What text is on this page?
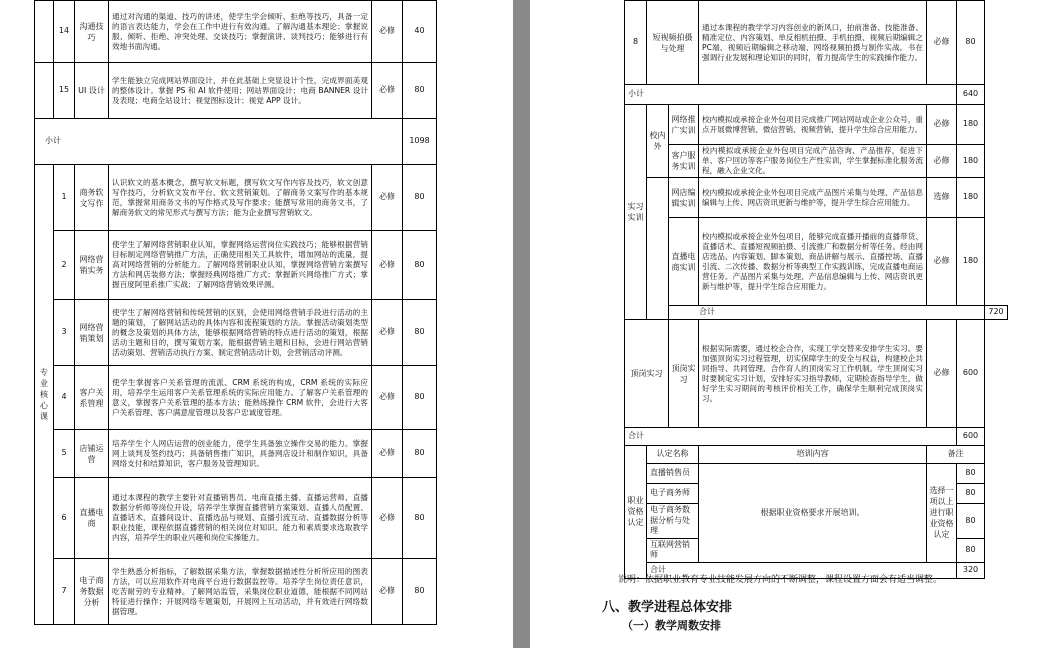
	14	沟通技巧	通过对沟通的渠道、技巧的讲述，使学生学会倾听、拒绝等技巧，具备一定的语言表达能力，学会在工作中进行有效沟通。了解沟通基本理论；掌握说服、倾听、拒绝、冲突处理、交谈技巧；掌握演讲、谈判技巧；能够进行有效地书面沟通。	必修	40
	15	UI 设计	学生能独立完成网站界面设计，并在此基础上突显设计个性，完成界面美观的整体设计。掌握 PS 和 AI 软件使用；网站界面设计；电商 BANNER 设计及表现；电商全站设计；视觉图标设计；视觉 APP 设计。	必修	80
小计					1098
专业核心课	1	商务软文写作	认识软文的基本概念，撰写软文标题，撰写软文写作内容及技巧，软文创意写作技巧，分析软文发布平台、软文营销策划。了解商务文案写作的基本规范，掌握常用商务文书的写作格式及写作要求；能撰写常用的商务文书，了解商务软文的常见形式与撰写方法；能为企业撰写营销软文。	必修	80
	2	网络营销实务	使学生了解网络营销职业认知，掌握网络运营岗位实践技巧；能够根据营销目标制定网络营销推广方法，正确使用相关工具软件，增加网站的流量，提高对网络营销的分析能力。了解网络营销职业认知，掌握网络营销方案撰写方法和网店装修方法；掌握经典网络推广方式；掌握新兴网络推广方式；掌握百度阿里系推广实战；了解网络营销效果评测。	必修	80
	3	网络营销策划	使学生了解网络营销和传统营销的区别，会使用网络营销手段进行活动的主题的策划，了解网站活动的具体内容和流程策划的方法。掌握活动策划类型的概念及策划的具体方法，能够根据网络营销的特点进行活动的策划，根据活动主题和目的，撰写策划方案，能根据营销主题和目标，会进行网站营销活动策划、营销活动执行方案、制定营销活动计划，会营销活动评测。	必修	80
	4	客户关系管理	使学生掌握客户关系管理的流派、CRM 系统的构成，CRM 系统的实际应用，培养学生运用客户关系管理系统的实际应用能力。了解客户关系管理的意义，掌握客户关系管理的基本方法；能熟练操作 CRM 软件，会进行大客户关系管理、客户满意度管理以及客户忠诚度管理。	必修	80
	5	店铺运营	培养学生个人网店运营的创业能力，使学生具备独立操作交易的能力。掌握网上谈判及签约技巧；具备销售推广知识，具备网店设计和制作知识，具备网络支付和结算知识，客户服务及管理知识。	必修	80
	6	直播电商	通过本课程的教学主要针对直播销售员、电商直播主播、直播运营师、直播数据分析师等岗位开设，培养学生掌握直播营销方案策划、直播人员配置、直播话术、直播间设计、直播选品与规划、直播引流互动、直播数据分析等职业技能，课程依据直播营销的相关岗位对知识、能力和素质要求选取教学内容，培养学生的职业兴趣和岗位实操能力。	必修	80
	7	电子商务数据分析	学生熟悉分析指标，了解数据采集方法，掌握数据描述性分析所应用的图表方法，可以应用软件对电商平台进行数据监控等。培养学生岗位责任意识，吃苦耐劳的专业精神。了解网站监管，采集岗位职业道德，能根据不同网站特征进行操作；开展网络专题策划，开展网上互动活动，并有效进行网络数据管理。	必修	80
8	短视频拍摄与处理		通过本课程的教学学习内容创业的新风口，拍前准备、技能准备、精准定位、内容策划、单反相机拍摄、手机拍摄、视频后期编辑之 PC端、视频后期编辑之移动端、网络视频拍摄与制作实战。书在强调行业发展和理论知识的同时，着力提高学生的实践操作能力。	必修	80	
小计					640	
实习实训	校内外	网络推广实训	校内模拟或承接企业外包项目完成推广网站网站或企业公众号，重点开展微博营销、微信营销、视频营销，提升学生综合应用能力。	必修	180	
		客户服务实训	校内模拟或承接企业外包项目完成产品咨询、产品推荐，促进下单、客户回访等客户服务岗位生产性实训，学生掌握标准化服务流程，融入企业文化。	必修	180	
		网店编辑实训	校内模拟或承接企业外包项目完成产品图片采集与处理、产品信息编辑与上传、网店资讯更新与维护等，提升学生综合应用能力。	选修	180	
		直播电商实训	校内模拟或承接企业外包项目，能够完成直播开播前的直播带货、直播话术、直播短视频拍摄、引流推广和数据分析等任务。经由网店选品、内容策划、脚本策划、商品讲解与展示、直播控场、直播引流、二次传播、数据分析等典型工作实践训练，完成直播电商运营任务。产品图片采集与处理、产品信息编辑与上传、网店资讯更新与维护等，提升学生综合应用能力。	必修	180	
		合计				720
顶岗实习		顶岗实习	根据实际需要，通过校企合作，实现工学交替来安排学生实习。要加强顶岗实习过程管理，切实保障学生的安全与权益，构建校企共同指导、共同管理、合作育人的顶岗实习工作机制。学生顶岗实习时要制定实习计划，安排好实习指导教师，定期检查指导学生，做好学生实习期间的考核评价相关工作，确保学生顺利完成顶岗实习。	必修	600	
合计					600	
职业资格认定	认定名称		培训内容	备注		
	直播销售员		根据职业资格要求开展培训。	选择一项以上进行职业资格认定	80	
	电子商务师				80	
	电子商务数据分析与处理				80	
	互联网营销师				80	
	合计				320	
说明：依据职业教育专业技能发展方向的不断调整，课程设置方面会有适当调整。
八、教学进程总体安排
（一）教学周数安排
